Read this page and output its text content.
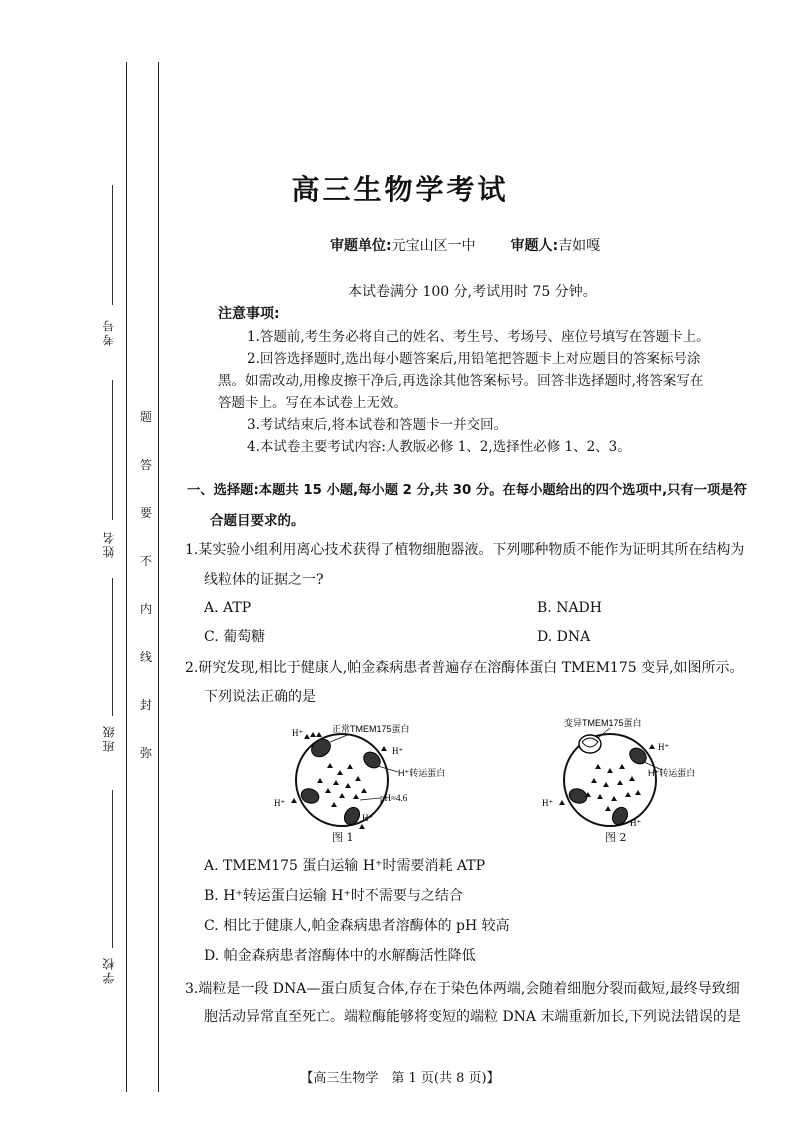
考号
姓名
班级
学校
题
答
要
不
内
线
封
弥
高三生物学考试
审题单位:元宝山区一中 审题人:吉如嘎
本试卷满分 100 分,考试用时 75 分钟。
注意事项:
1.答题前,考生务必将自己的姓名、考生号、考场号、座位号填写在答题卡上。
2.回答选择题时,选出每小题答案后,用铅笔把答题卡上对应题目的答案标号涂
黑。如需改动,用橡皮擦干净后,再选涂其他答案标号。回答非选择题时,将答案写在
答题卡上。写在本试卷上无效。
3.考试结束后,将本试卷和答题卡一并交回。
4.本试卷主要考试内容:人教版必修 1、2,选择性必修 1、2、3。
一、选择题:本题共 15 小题,每小题 2 分,共 30 分。在每小题给出的四个选项中,只有一项是符
合题目要求的。
1.某实验小组利用离心技术获得了植物细胞器液。下列哪种物质不能作为证明其所在结构为
线粒体的证据之一?
A. ATP	B. NADH
C. 葡萄糖	D. DNA
2.研究发现,相比于健康人,帕金森病患者普遍存在溶酶体蛋白 TMEM175 变异,如图所示。
下列说法正确的是
H⁺	正常TMEM175蛋白
H⁺
H⁺转运蛋白
pH≈4.6
H⁺
H⁺
图 1
变异TMEM175蛋白
H⁺
H⁺转运蛋白
H⁺
H⁺
图 2
A. TMEM175 蛋白运输 H⁺时需要消耗 ATP
B. H⁺转运蛋白运输 H⁺时不需要与之结合
C. 相比于健康人,帕金森病患者溶酶体的 pH 较高
D. 帕金森病患者溶酶体中的水解酶活性降低
3.端粒是一段 DNA—蛋白质复合体,存在于染色体两端,会随着细胞分裂而截短,最终导致细
胞活动异常直至死亡。端粒酶能够将变短的端粒 DNA 末端重新加长,下列说法错误的是
【高三生物学　第 1 页(共 8 页)】
